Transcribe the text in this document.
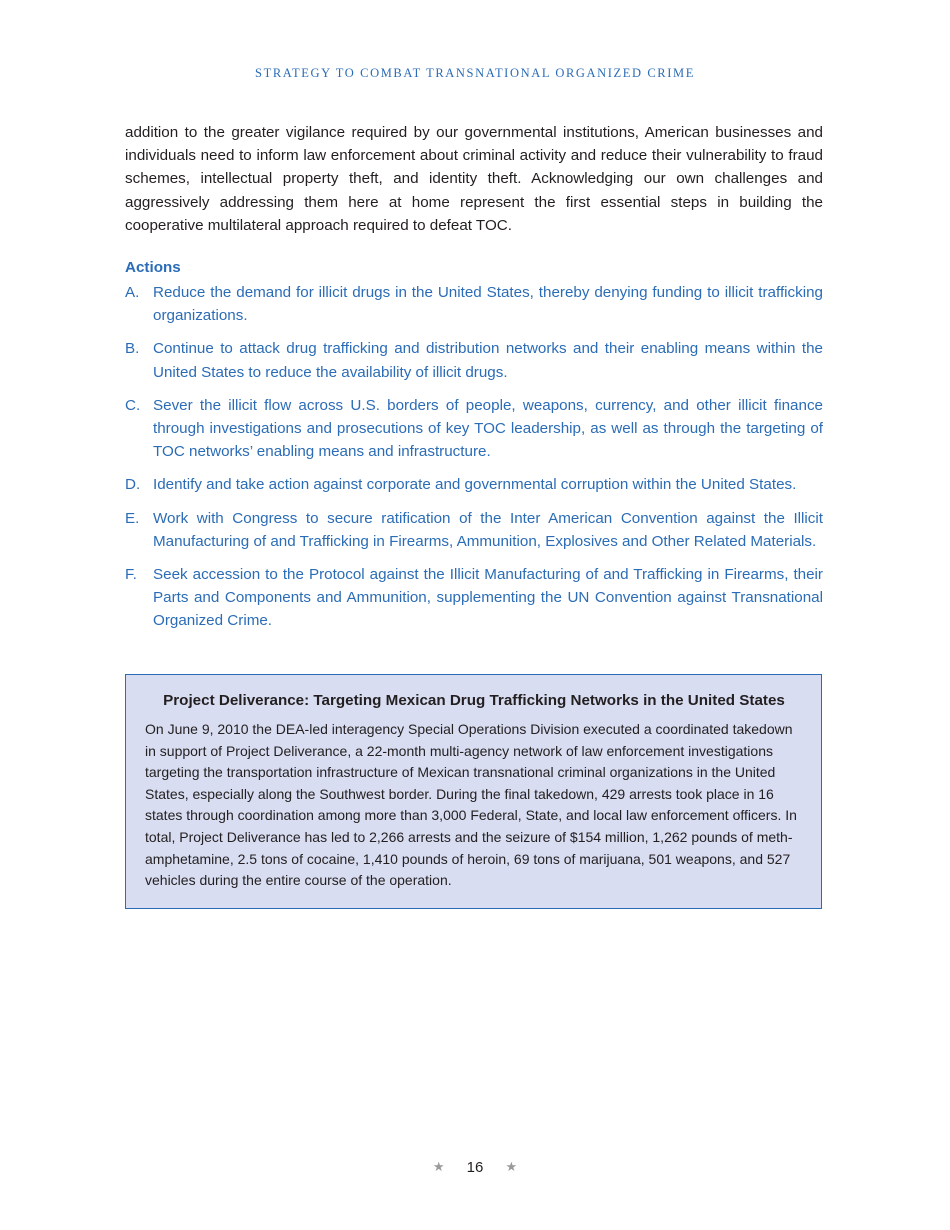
STRATEGY TO COMBAT TRANSNATIONAL ORGANIZED CRIME

addition to the greater vigilance required by our governmental institutions, American businesses and individuals need to inform law enforcement about criminal activity and reduce their vulnerability to fraud schemes, intellectual property theft, and identity theft. Acknowledging our own challenges and aggressively addressing them here at home represent the first essential steps in building the cooperative multilateral approach required to defeat TOC.

Actions
A. Reduce the demand for illicit drugs in the United States, thereby denying funding to illicit trafficking organizations.
B. Continue to attack drug trafficking and distribution networks and their enabling means within the United States to reduce the availability of illicit drugs.
C. Sever the illicit flow across U.S. borders of people, weapons, currency, and other illicit finance through investigations and prosecutions of key TOC leadership, as well as through the targeting of TOC networks’ enabling means and infrastructure.
D. Identify and take action against corporate and governmental corruption within the United States.
E. Work with Congress to secure ratification of the Inter American Convention against the Illicit Manufacturing of and Trafficking in Firearms, Ammunition, Explosives and Other Related Materials.
F.	Seek accession to the Protocol against the Illicit Manufacturing of and Trafficking in Firearms, their Parts and Components and Ammunition, supplementing the UN Convention against Transnational Organized Crime.

Project Deliverance: Targeting Mexican Drug Trafficking Networks in the United States

On June 9, 2010 the DEA-led interagency Special Operations Division executed a coordinated takedown in support of Project Deliverance, a 22-month multi-agency network of law enforcement investigations targeting the transportation infrastructure of Mexican transnational criminal organizations in the United States, especially along the Southwest border. During the final takedown, 429 arrests took place in 16 states through coordination among more than 3,000 Federal, State, and local law enforcement officers. In total, Project Deliverance has led to 2,266 arrests and the seizure of $154 million, 1,262 pounds of meth-amphetamine, 2.5 tons of cocaine, 1,410 pounds of heroin, 69 tons of marijuana, 501 weapons, and 527 vehicles during the entire course of the operation.

★ 16 ★
